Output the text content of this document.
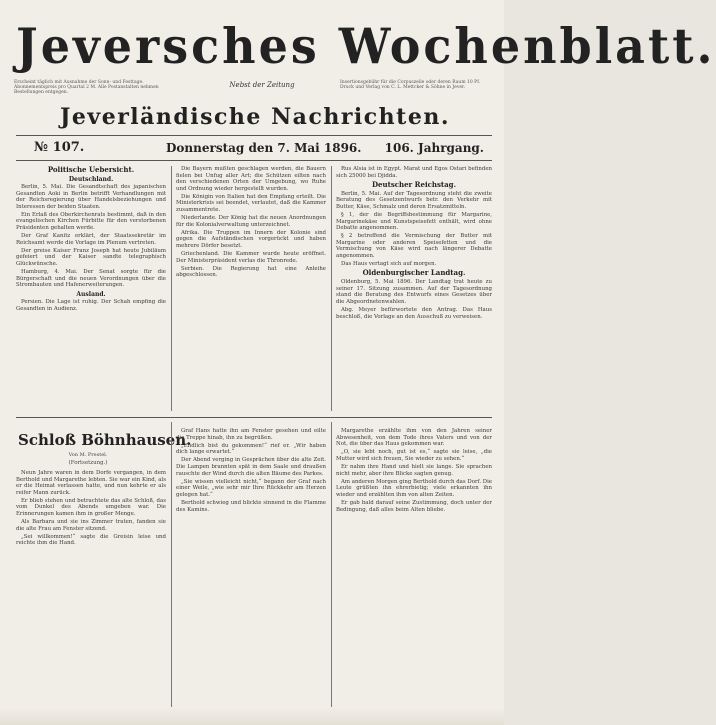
Jeversches Wochenblatt.
Erscheint täglich mit Ausnahme der Sonn- und Festtage. Abonnementspreis pro Quartal 2 M. Alle Postanstalten nehmen Bestellungen entgegen.
Nebst der Zeitung	Insertionsgebühr für die Corpuszeile oder deren Raum 10 Pf. Druck und Verlag von C. L. Mettcker & Söhne in Jever.
Jeverländische Nachrichten.
№ 107.	Donnerstag den 7. Mai 1896. 106. Jahrgang.
Politische Uebersicht.
Deutschland.

Berlin, 5. Mai. Die Gesandtschaft des japanischen Gesandten Aoki in Berlin betrifft Verhandlungen mit der Reichsregierung über Handelsbeziehungen und Interessen der beiden Staaten.

Ein Erlaß des Oberkirchenrats bestimmt, daß in den evangelischen Kirchen Fürbitte für den verstorbenen Präsidenten gehalten werde.

Der Graf Kanitz erklärt, der Staatssekretär im Reichsamt werde die Vorlage im Plenum vertreten.

Der greise Kaiser Franz Joseph hat heute Jubiläum gefeiert und der Kaiser sandte telegraphisch Glückwünsche.

Hamburg, 4. Mai. Der Senat sorgte für die Bürgerschaft und die neuen Verordnungen über die Strombauten und Hafenerweiterungen.

Ausland.

Persien. Die Lage ist ruhig. Der Schah empfing die Gesandten in Audienz.

Die Bayern mußten geschlagen werden, die Bauern fielen bei Unfug aller Art; die Schützen eilten nach den verschiedenen Orten der Umgebung, wo Ruhe und Ordnung wieder hergestellt wurden.

Die Königin von Italien hat den Empfang erteilt. Die Ministerkrisis sei beendet, verlautet, daß die Kammer zusammentrete.

Niederlande. Der König hat die neuen Anordnungen für die Kolonialverwaltung unterzeichnet.

Afrika. Die Truppen im Innern der Kolonie sind gegen die Aufständischen vorgerückt und haben mehrere Dörfer besetzt.

Griechenland. Die Kammer wurde heute eröffnet. Der Ministerpräsident verlas die Thronrede.

Serbien. Die Regierung hat eine Anleihe abgeschlossen.

Rus Alsia ist in Egypt. Marat und Egos Ostari befinden sich 25000 bei Djidda.

Deutscher Reichstag.

Berlin, 5. Mai. Auf der Tagesordnung steht die zweite Beratung des Gesetzentwurfs betr. den Verkehr mit Butter, Käse, Schmalz und deren Ersatzmitteln.

§ 1, der die Begriffsbestimmung für Margarine, Margarinekäse und Kunstspeisefett enthält, wird ohne Debatte angenommen.

§ 2 betreffend die Vermischung der Butter mit Margarine oder anderen Speisefetten und die Vermischung von Käse wird nach längerer Debatte angenommen.

Das Haus vertagt sich auf morgen.

Oldenburgischer Landtag.

Oldenburg, 5. Mai 1896. Der Landtag trat heute zu seiner 17. Sitzung zusammen. Auf der Tagesordnung stand die Beratung des Entwurfs eines Gesetzes über die Abgeordnetenwahlen.

Abg. Meyer befürwortete den Antrag. Das Haus beschloß, die Vorlage an den Ausschuß zu verweisen.

Schloß Böhnhausen.
Von M. Prestel.
(Fortsetzung.)

Neun Jahre waren in dem Dorfe vergangen, in dem Berthold und Margarethe lebten. Sie war ein Kind, als er die Heimat verlassen hatte, und nun kehrte er als reifer Mann zurück.

Er blieb stehen und betrachtete das alte Schloß, das vom Dunkel des Abends umgeben war. Die Erinnerungen kamen ihm in großer Menge.

Als Barbara und sie ins Zimmer traten, fanden sie die alte Frau am Fenster sitzend.

„Sei willkommen!“ sagte die Greisin leise und reichte ihm die Hand.

Graf Hans hatte ihn am Fenster gesehen und eilte die Treppe hinab, ihn zu begrüßen.

„Endlich bist du gekommen!“ rief er. „Wir haben dich lange erwartet.“

Der Abend verging in Gesprächen über die alte Zeit. Die Lampen brannten spät in dem Saale und draußen rauschte der Wind durch die alten Bäume des Parkes.

„Sie wissen vielleicht nicht,“ begann der Graf nach einer Weile, „wie sehr mir Ihre Rückkehr am Herzen gelegen hat.“

Berthold schwieg und blickte sinnend in die Flamme des Kamins.

Margarethe erzählte ihm von den Jahren seiner Abwesenheit, von dem Tode ihres Vaters und von der Not, die über das Haus gekommen war.

„O, sie lebt noch, gut ist es,“ sagte sie leise, „die Mutter wird sich freuen, Sie wieder zu sehen.“

Er nahm ihre Hand und hielt sie lange. Sie sprachen nicht mehr, aber ihre Blicke sagten genug.

Am anderen Morgen ging Berthold durch das Dorf. Die Leute grüßten ihn ehrerbietig; viele erkannten ihn wieder und erzählten ihm von alten Zeiten.

Er gab bald darauf seine Zustimmung, doch unter der Bedingung, daß alles beim Alten bliebe.
